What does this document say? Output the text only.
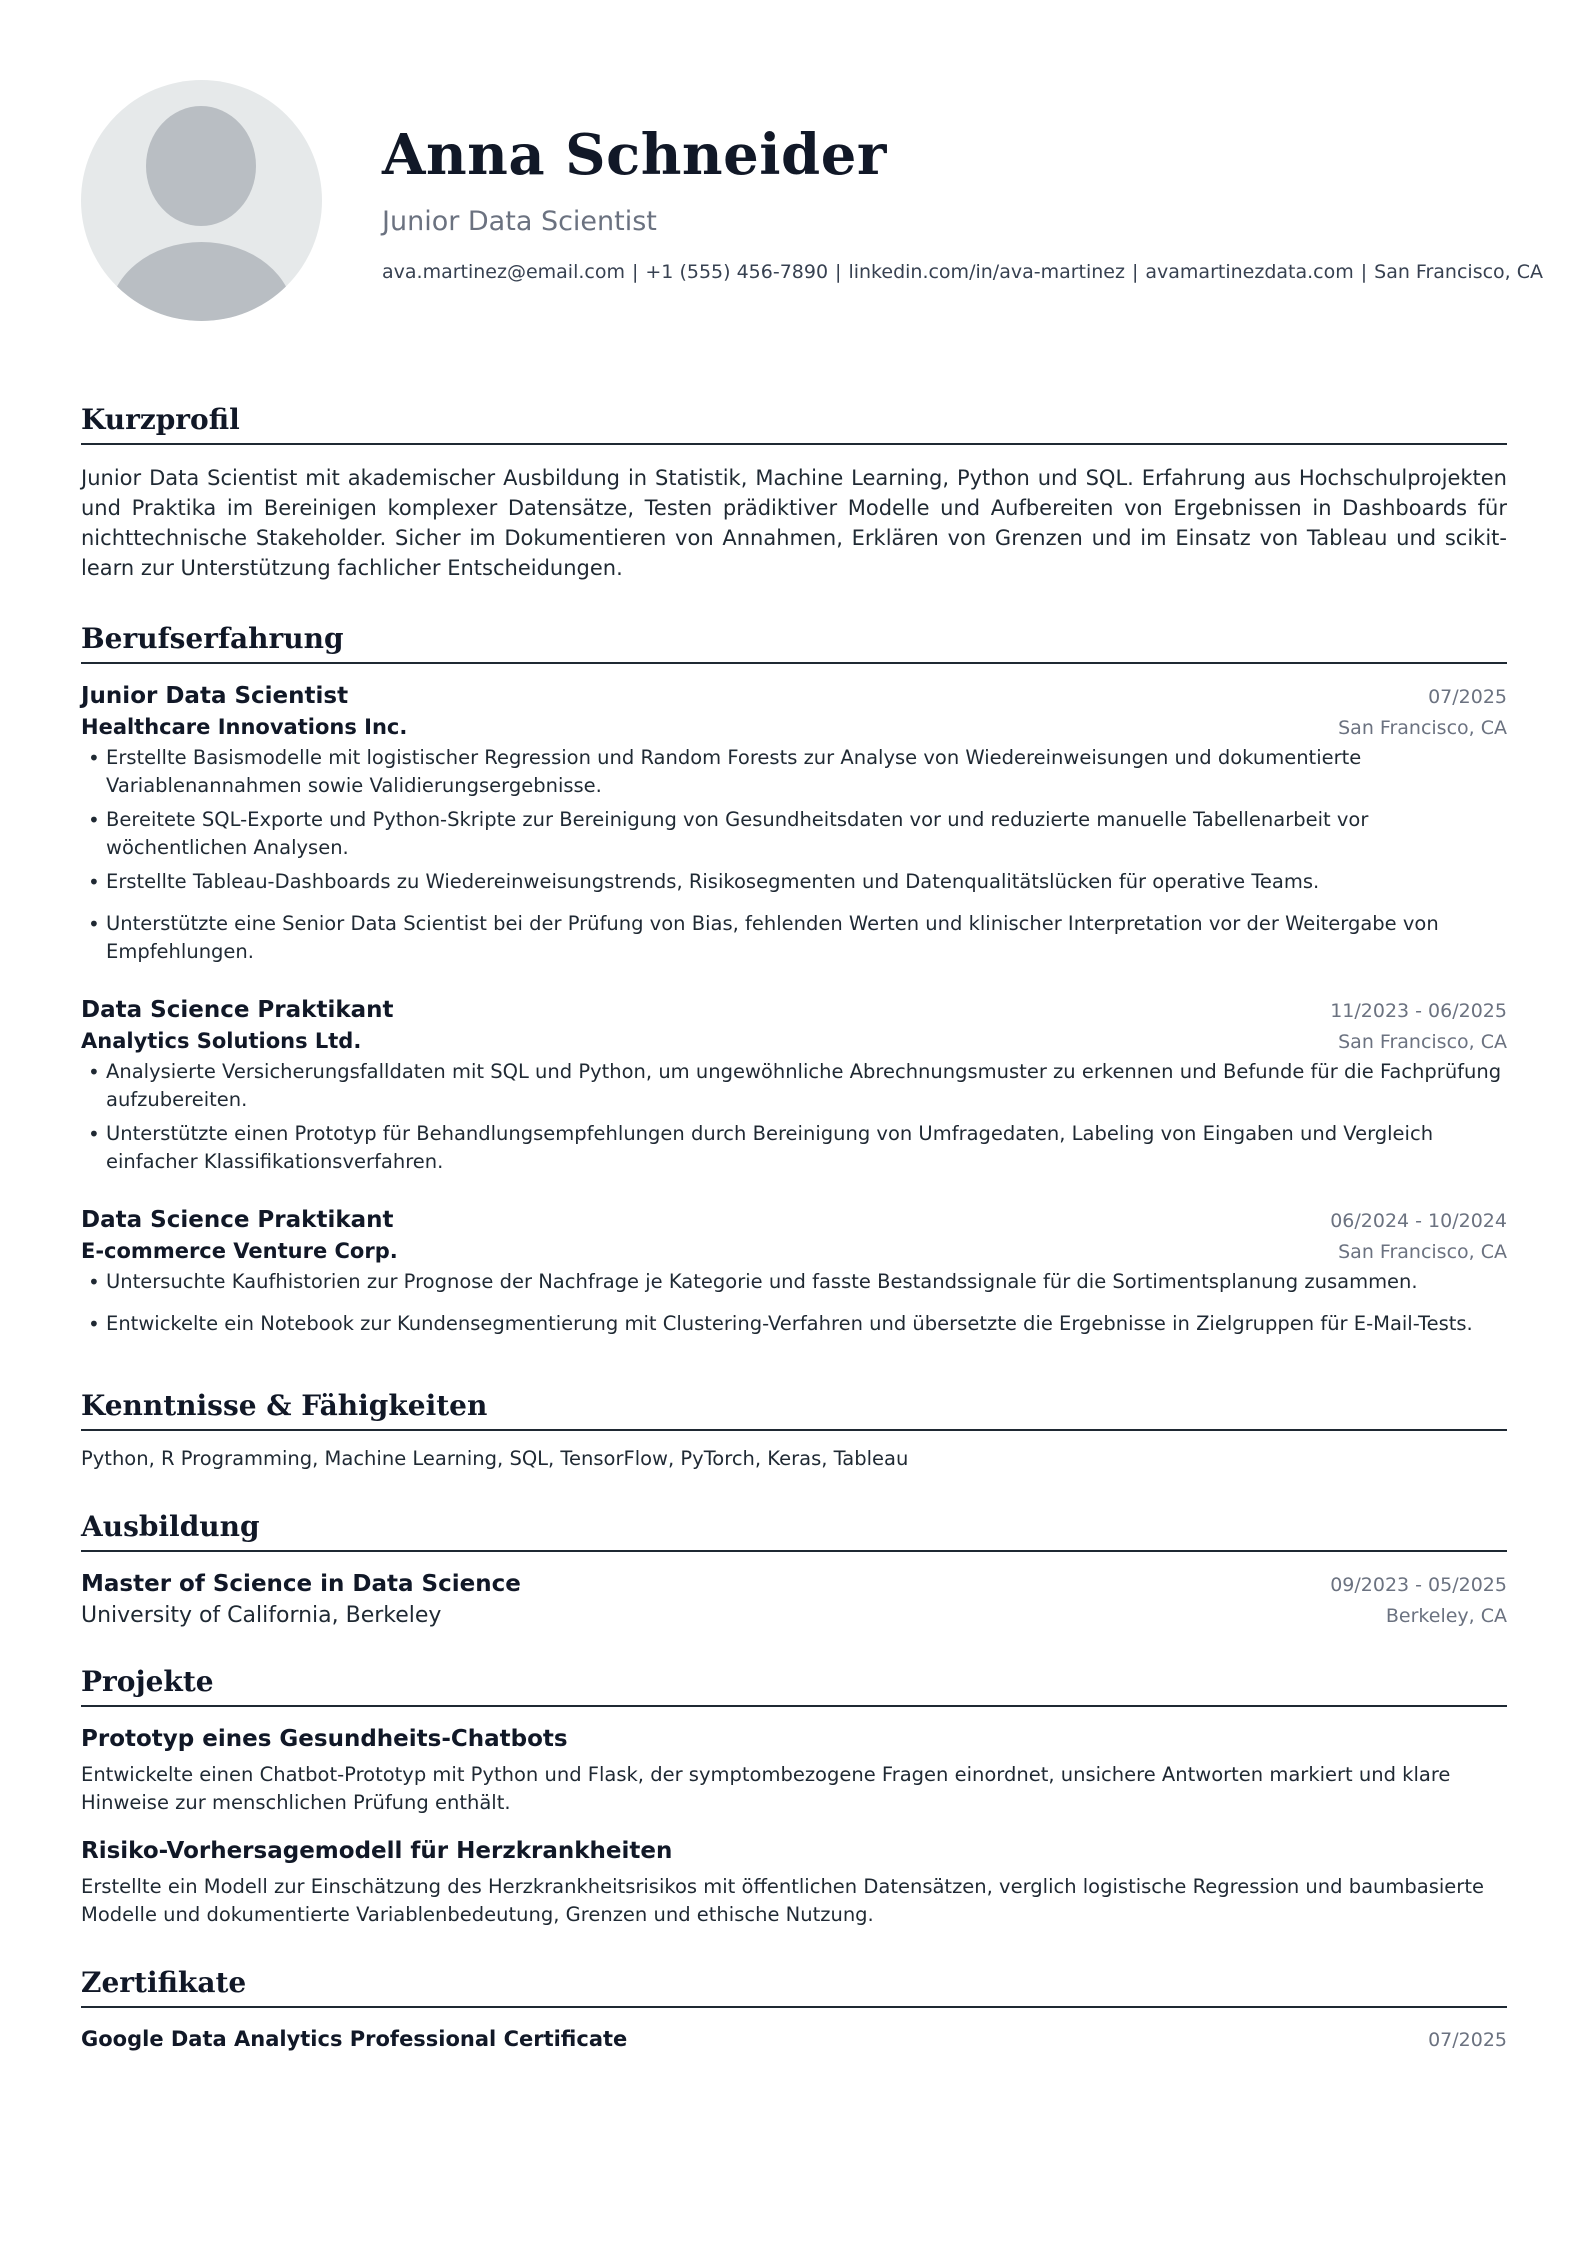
Anna Schneider
Junior Data Scientist
ava.martinez@email.com | +1 (555) 456-7890 | linkedin.com/in/ava-martinez | avamartinezdata.com | San Francisco, CA
Kurzprofil

Junior Data Scientist mit akademischer Ausbildung in Statistik, Machine Learning, Python und SQL. Erfahrung aus Hochschulprojekten und Praktika im Bereinigen komplexer Datensätze, Testen prädiktiver Modelle und Aufbereiten von Ergebnissen in Dashboards für nichttechnische Stakeholder. Sicher im Dokumentieren von Annahmen, Erklären von Grenzen und im Einsatz von Tableau und scikit-learn zur Unterstützung fachlicher Entscheidungen.

Berufserfahrung
Junior Data Scientist	07/2025
Healthcare Innovations Inc.	San Francisco, CA
• Erstellte Basismodelle mit logistischer Regression und Random Forests zur Analyse von Wiedereinweisungen und dokumentierte Variablenannahmen sowie Validierungsergebnisse.
• Bereitete SQL-Exporte und Python-Skripte zur Bereinigung von Gesundheitsdaten vor und reduzierte manuelle Tabellenarbeit vor wöchentlichen Analysen.
• Erstellte Tableau-Dashboards zu Wiedereinweisungstrends, Risikosegmenten und Datenqualitätslücken für operative Teams.
• Unterstützte eine Senior Data Scientist bei der Prüfung von Bias, fehlenden Werten und klinischer Interpretation vor der Weitergabe von Empfehlungen.
Data Science Praktikant	11/2023 - 06/2025
Analytics Solutions Ltd.	San Francisco, CA
• Analysierte Versicherungsfalldaten mit SQL und Python, um ungewöhnliche Abrechnungsmuster zu erkennen und Befunde für die Fachprüfung aufzubereiten.
• Unterstützte einen Prototyp für Behandlungsempfehlungen durch Bereinigung von Umfragedaten, Labeling von Eingaben und Vergleich einfacher Klassifikationsverfahren.
Data Science Praktikant	06/2024 - 10/2024
E-commerce Venture Corp.	San Francisco, CA
• Untersuchte Kaufhistorien zur Prognose der Nachfrage je Kategorie und fasste Bestandssignale für die Sortimentsplanung zusammen.
• Entwickelte ein Notebook zur Kundensegmentierung mit Clustering-Verfahren und übersetzte die Ergebnisse in Zielgruppen für E-Mail-Tests.
Kenntnisse & Fähigkeiten
Python, R Programming, Machine Learning, SQL, TensorFlow, PyTorch, Keras, Tableau
Ausbildung
Master of Science in Data Science	09/2023 - 05/2025
University of California, Berkeley	Berkeley, CA
Projekte
Prototyp eines Gesundheits-Chatbots
Entwickelte einen Chatbot-Prototyp mit Python und Flask, der symptombezogene Fragen einordnet, unsichere Antworten markiert und klare Hinweise zur menschlichen Prüfung enthält.
Risiko-Vorhersagemodell für Herzkrankheiten
Erstellte ein Modell zur Einschätzung des Herzkrankheitsrisikos mit öffentlichen Datensätzen, verglich logistische Regression und baumbasierte Modelle und dokumentierte Variablenbedeutung, Grenzen und ethische Nutzung.
Zertifikate
Google Data Analytics Professional Certificate	07/2025
